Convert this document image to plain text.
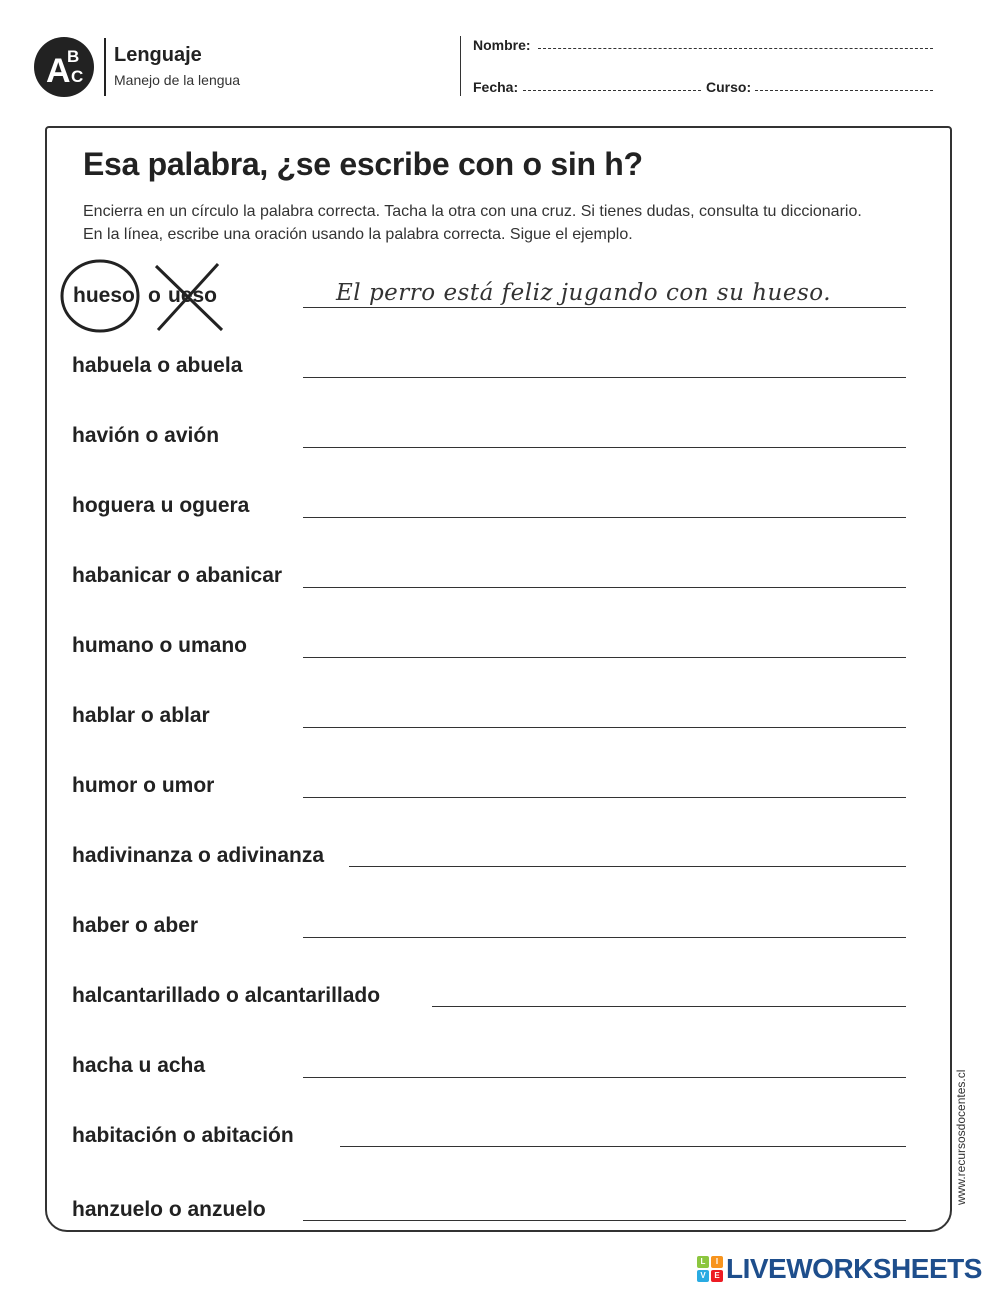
A
B
C
Lenguaje
Manejo de la lengua
Nombre:
Fecha:	Curso:
Esa palabra, ¿se escribe con o sin h?
Encierra en un círculo la palabra correcta. Tacha la otra con una cruz. Si tienes dudas, consulta tu diccionario.
En la línea, escribe una oración usando la palabra correcta. Sigue el ejemplo.
hueso o ueso	El perro está feliz jugando con su hueso.
habuela o abuela
havión o avión
hoguera u oguera
habanicar o abanicar
humano o umano
hablar o ablar
humor o umor
hadivinanza o adivinanza
haber o aber
halcantarillado o alcantarillado
hacha u acha
habitación o abitación
hanzuelo o anzuelo
www.recursosdocentes.cl
L	I
V	E LIVEWORKSHEETS
